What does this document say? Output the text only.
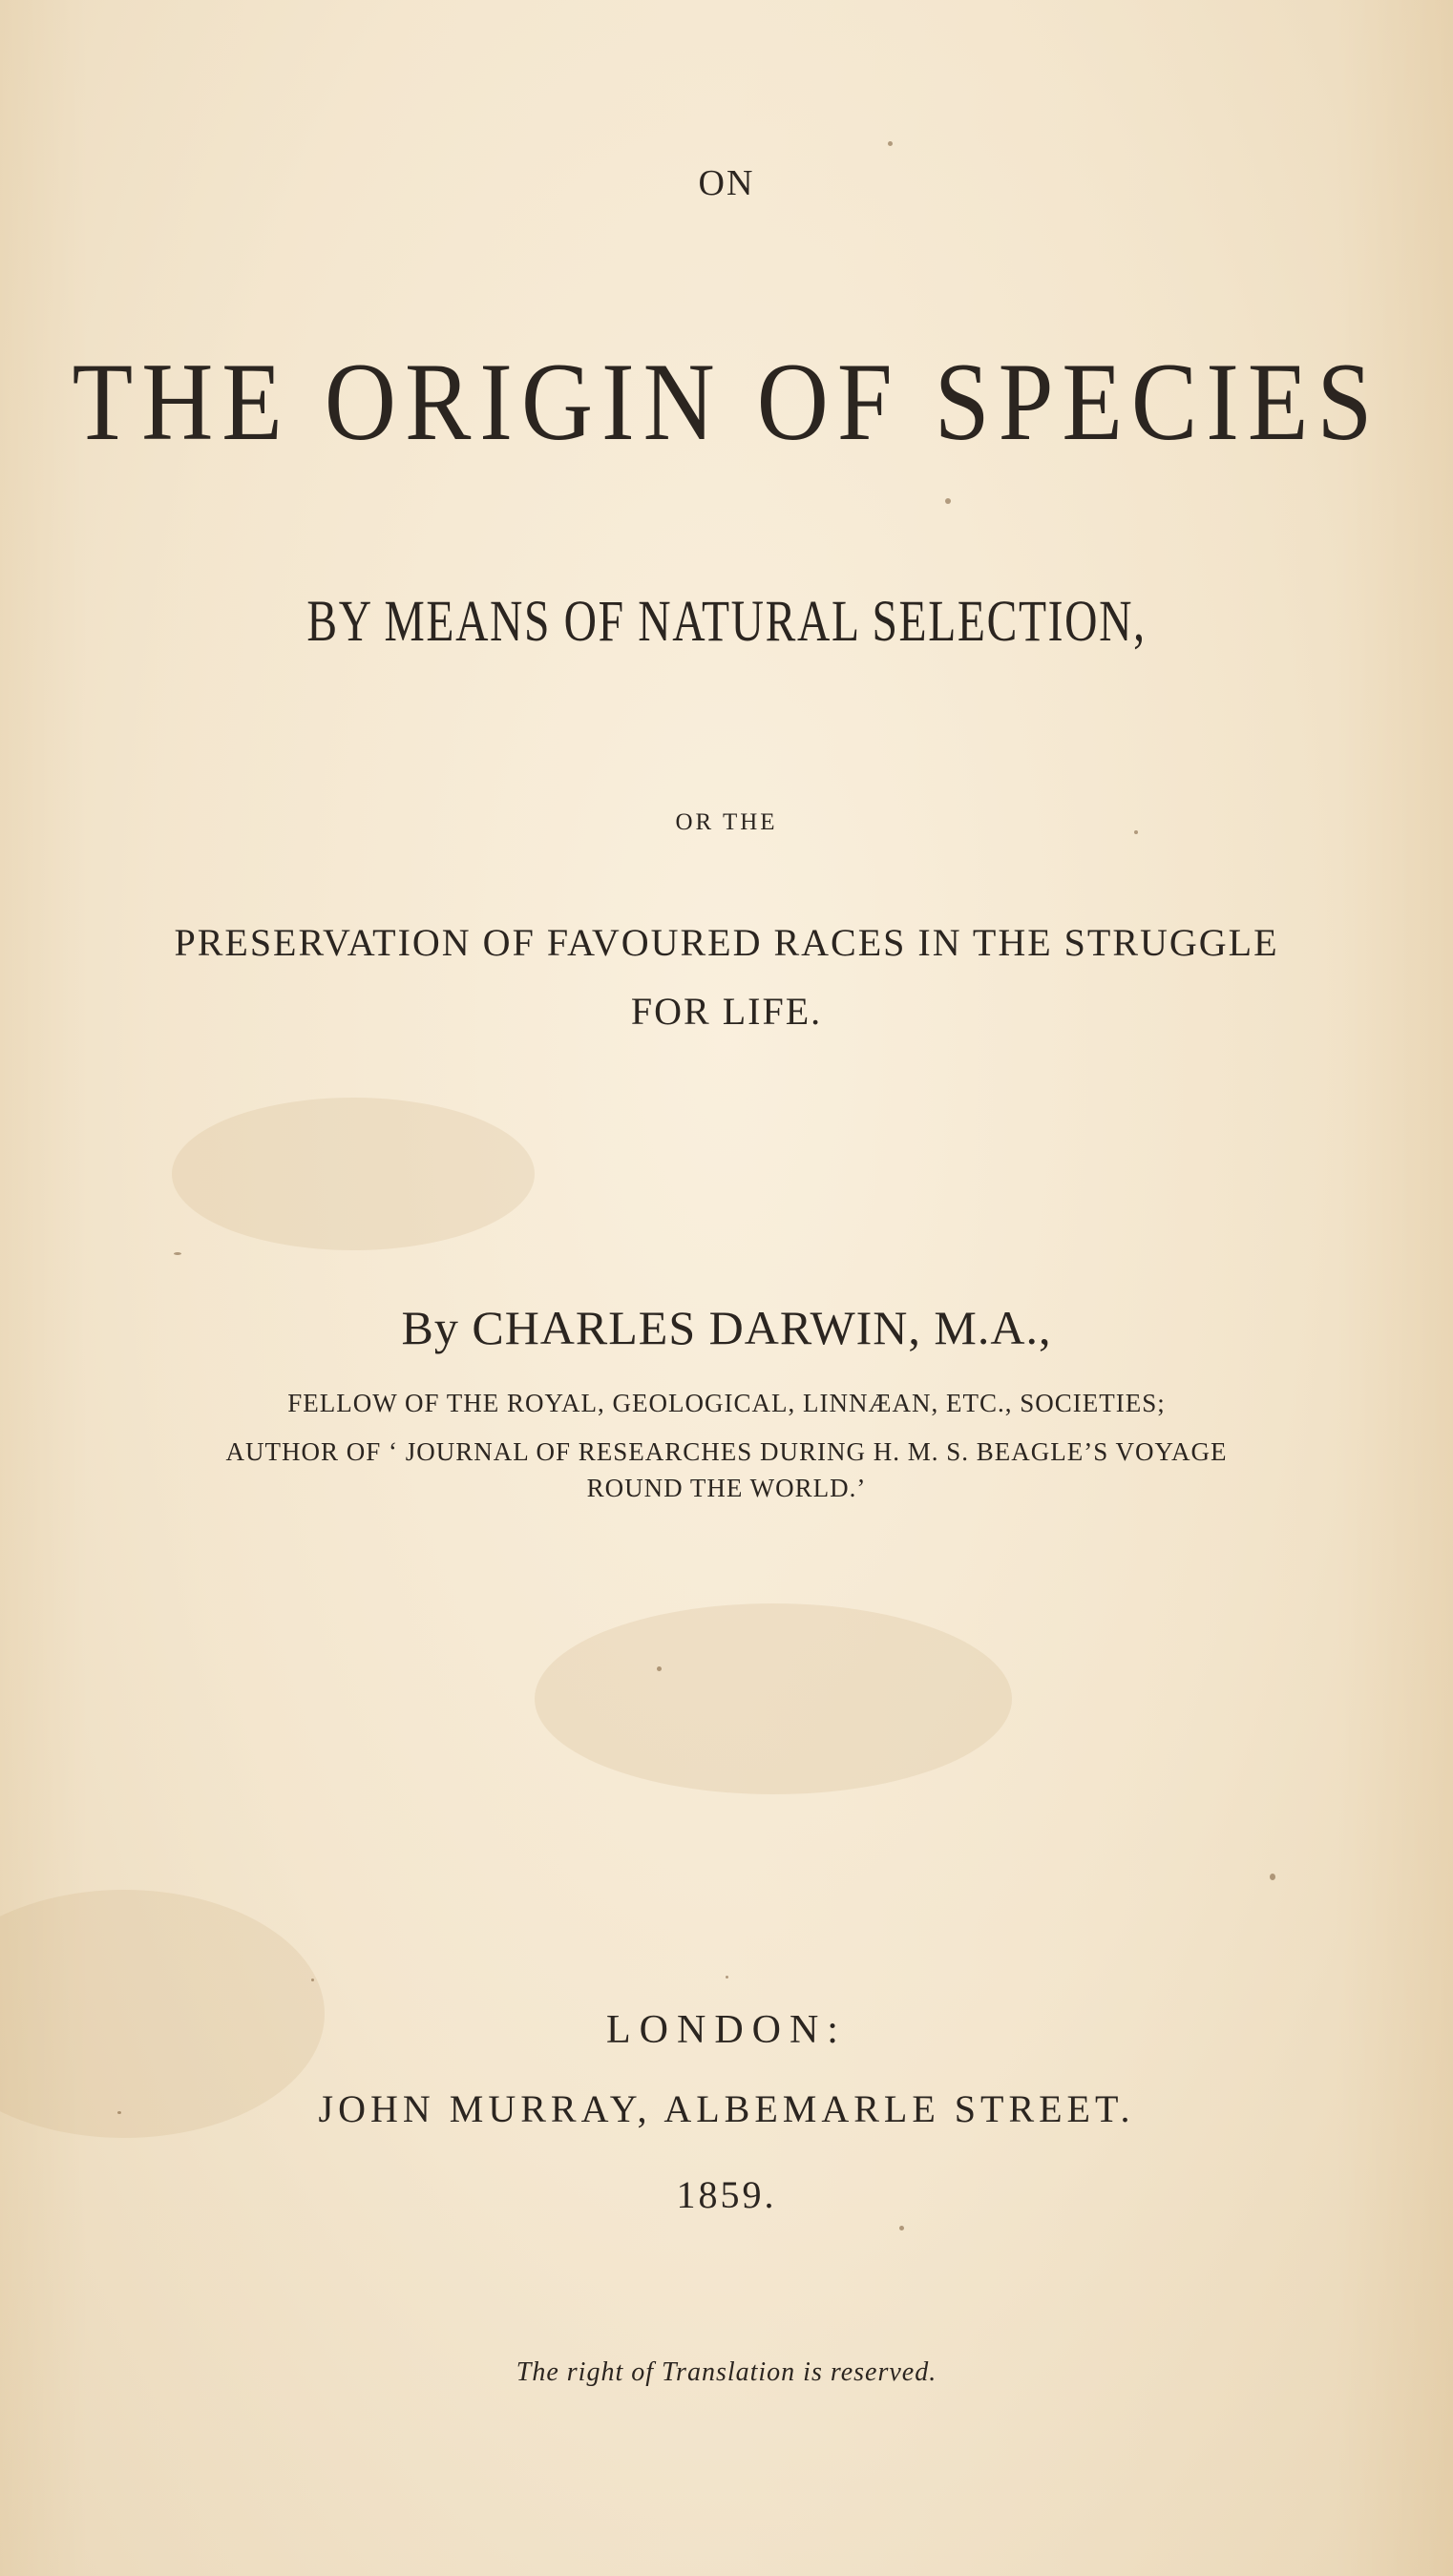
ON
THE ORIGIN OF SPECIES
BY MEANS OF NATURAL SELECTION,
OR THE
PRESERVATION OF FAVOURED RACES IN THE STRUGGLE
FOR LIFE.
By CHARLES DARWIN, M.A.,
FELLOW OF THE ROYAL, GEOLOGICAL, LINNÆAN, ETC., SOCIETIES;
AUTHOR OF ‘ JOURNAL OF RESEARCHES DURING H. M. S. BEAGLE’S VOYAGE
ROUND THE WORLD.’
LONDON:
JOHN MURRAY, ALBEMARLE STREET.
1859.
The right of Translation is reserved.
